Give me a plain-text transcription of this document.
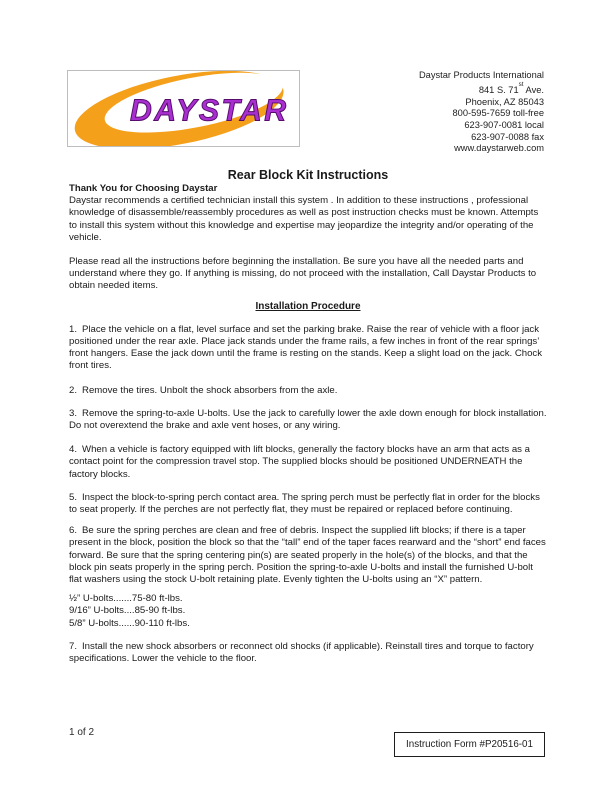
DAYSTAR
Daystar Products International
841 S. 71st Ave.
Phoenix, AZ 85043
800-595-7659 toll-free
623-907-0081 local
623-907-0088 fax
www.daystarweb.com
Rear Block Kit Instructions

Thank You for Choosing Daystar

Daystar recommends a certified technician install this system . In addition to these instructions , professional knowledge of disassemble/reassembly procedures as well as post instruction checks must be known. Attempts to install this system without this knowledge and expertise may jeopardize the integrity and/or operating of the vehicle.

Please read all the instructions before beginning the installation. Be sure you have all the needed parts and understand where they go. If anything is missing, do not proceed with the installation, Call Daystar Products to obtain needed items.

Installation Procedure

1. Place the vehicle on a flat, level surface and set the parking brake. Raise the rear of vehicle with a floor jack positioned under the rear axle. Place jack stands under the frame rails, a few inches in front of the rear springs’ front hangers. Ease the jack down until the frame is resting on the stands. Keep a slight load on the jack. Chock front tires.

2. Remove the tires. Unbolt the shock absorbers from the axle.

3. Remove the spring-to-axle U-bolts. Use the jack to carefully lower the axle down enough for block installation. Do not overextend the brake and axle vent hoses, or any wiring.

4. When a vehicle is factory equipped with lift blocks, generally the factory blocks have an arm that acts as a contact point for the compression travel stop. The supplied blocks should be positioned UNDERNEATH the factory blocks.

5. Inspect the block-to-spring perch contact area. The spring perch must be perfectly flat in order for the blocks to seat properly. If the perches are not perfectly flat, they must be repaired or replaced before continuing.

6. Be sure the spring perches are clean and free of debris. Inspect the supplied lift blocks; if there is a taper present in the block, position the block so that the “tall” end of the taper faces rearward and the “short” end faces forward. Be sure that the spring centering pin(s) are seated properly in the hole(s) of the blocks, and that the block pin seats properly in the spring perch. Position the spring-to-axle U-bolts and install the furnished U-bolt flat washers using the stock U-bolt retaining plate. Evenly tighten the U-bolts using an “X” pattern.

½” U-bolts.......75-80 ft-lbs.
9/16” U-bolts....85-90 ft-lbs.
5/8” U-bolts......90-110 ft-lbs.

7. Install the new shock absorbers or reconnect old shocks (if applicable). Reinstall tires and torque to factory specifications. Lower the vehicle to the floor.

1 of 2
Instruction Form #P20516-01
